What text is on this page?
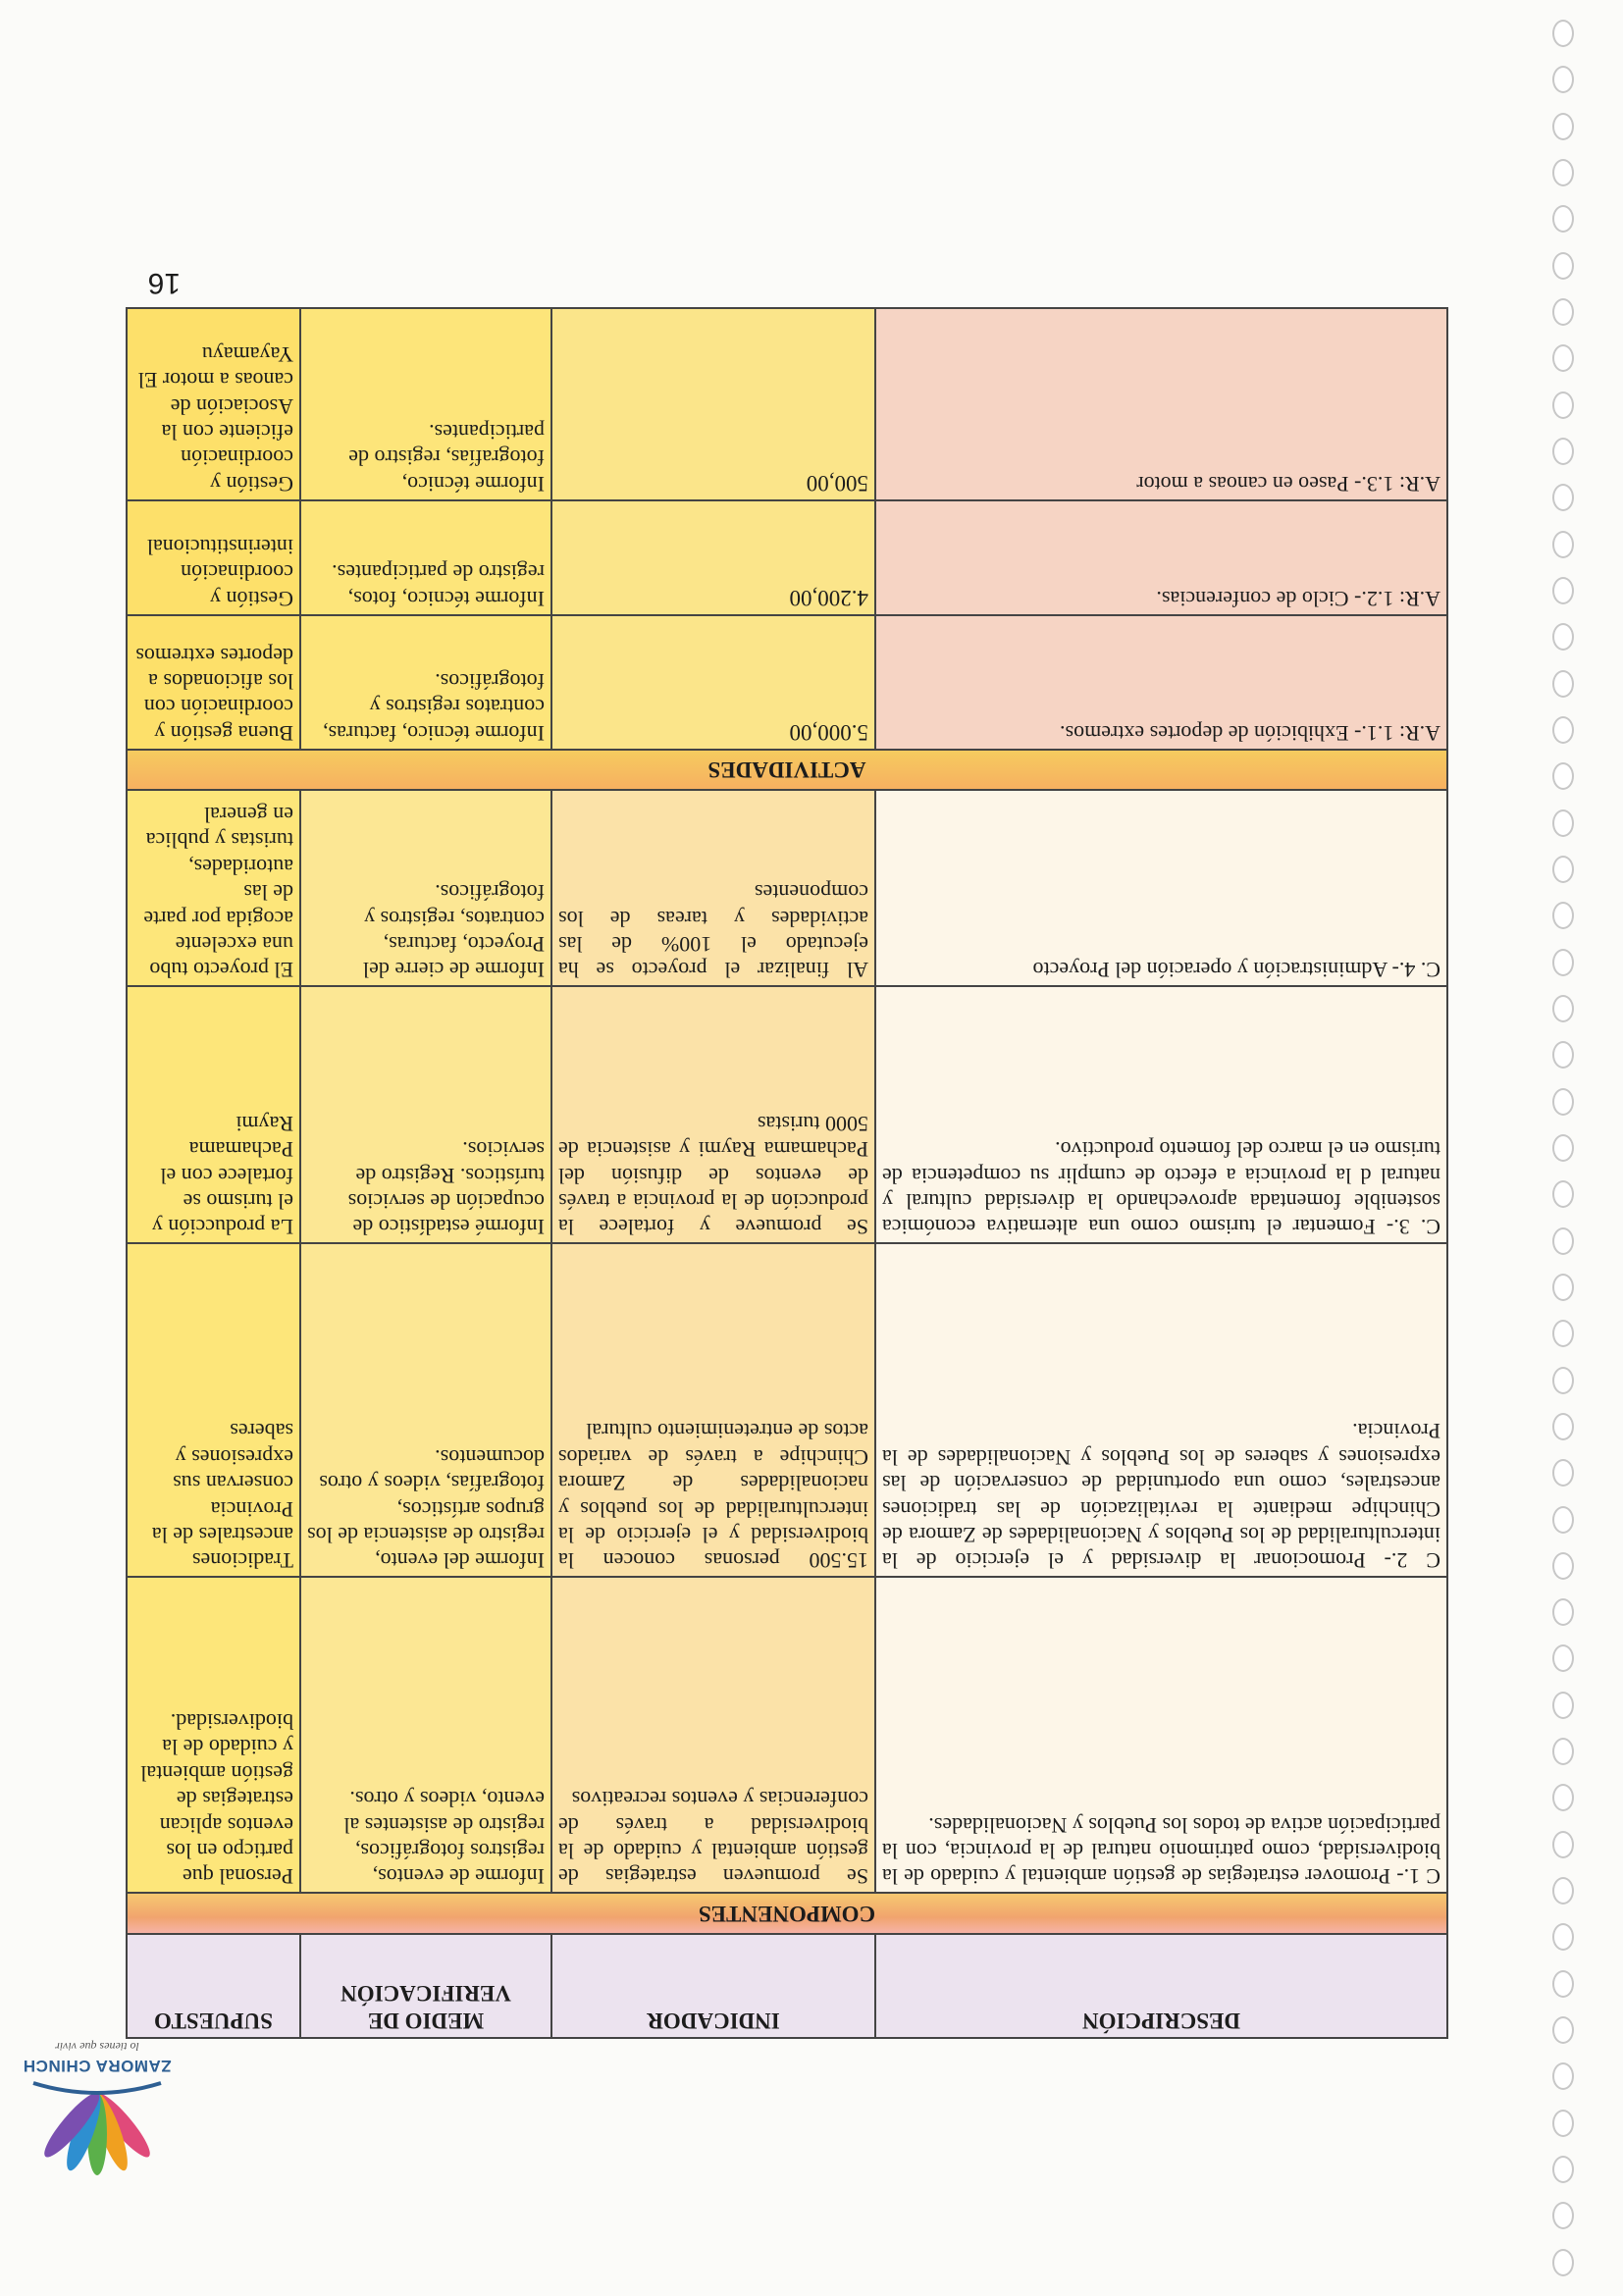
16
ZAMORA CHINCH
lo tienes que vivir
DESCRIPCIÓN	INDICADOR	MEDIO DE VERIFICACIÓN	SUPUESTO
COMPONENTES			
C 1.- Promover estrategias de gestión ambiental y cuidado de la biodiversidad, como patrimonio natural de la provincia, con la participación activa de todos los Pueblos y Nacionalidades.	Se promueven estrategias de gestión ambiental y cuidado de la biodiversidad a través de conferencias y eventos recreativos	Informe de eventos, registros fotográficos, registro de asistentes al evento, videos y otros.	Personal que particpo en los eventos aplican estrategias de gestión ambiental y cuidado de la biodiversidad.
C 2.- Promocionar la diversidad y el ejercicio de la interculturalidad de los Pueblos y Nacionalidades de Zamora de Chinchipe mediante la revitalización de las tradiciones ancestrales, como una oportunidad de conservación de las expresiones y saberes de los Pueblos y Nacionalidades de la Provincia.	15.500 personas conocen la biodiversidad y el ejercicio de la interculturalidad de los pueblos y nacionalidades de Zamora Chinchipe a través de variados actos de entretenimiento cultural	Informe del evento, registro de asistencia de los grupos artísticos, fotografías, videos y otros documentos.	Tradiciones ancestrales de la Provincia conservan sus expresiones y saberes
C. 3.- Fomentar el turismo como una alternativa económica sostenible fomentada aprovechando la diversidad cultural y natural d la provincia a efecto de cumplir su competencia de turismo en el marco del fomento productivo.	Se promueve y fortalece la producción de la provincia a través de eventos de difusión del Pachamama Raymi y asistencia de 5000 turistas	Informé estadístico de ocupación de servicios turísticos. Registro de servicios.	La producción y el turismo se fortalece con el Pachamama Raymi
C. 4.- Administración y operación del Proyecto	Al finalizar el proyecto se ha ejecutado el 100% de las actividades y tareas de los componentes	Informe de cierre del Proyecto, facturas, contratos, registros y fotográficos.	El proyecto tubo una excelente acogida por parte de las autoridades, turistas y publica en general
ACTIVIDADES			
A.R: 1.1.- Exhibición de deportes extremos.	5.000,00	Informe técnico, facturas, contratos registros y fotográficos.	Buena gestión y coordinación con los aficionados a deportes extremos
A.R: 1.2.- Ciclo de conferencias.	4.200,00	Informe técnico, fotos, registro de participantes.	Gestión y coordinación interinstitucional
A.R: 1.3.- Paseo en canoas a motor	500,00	Informe técnico, fotografías, registro de participantes.	Gestión y coordinación eficiente con la Asociación de canoas a motor El Yayamayu
